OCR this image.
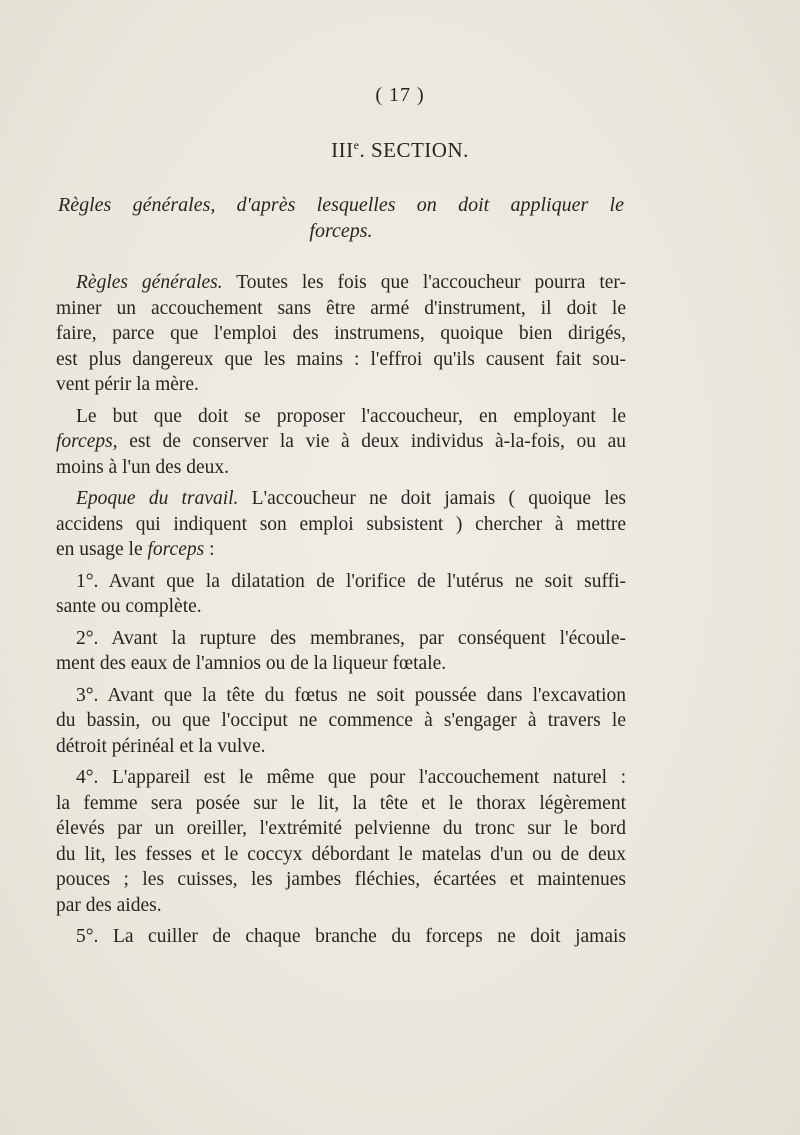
( 17 )
IIIe. SECTION.
Règles générales, d'après lesquelles on doit appliquer le
forceps.
Règles générales. Toutes les fois que l'accoucheur pourra ter-
miner un accouchement sans être armé d'instrument, il doit le
faire, parce que l'emploi des instrumens, quoique bien dirigés,
est plus dangereux que les mains : l'effroi qu'ils causent fait sou-
vent périr la mère.
Le but que doit se proposer l'accoucheur, en employant le
forceps, est de conserver la vie à deux individus à-la-fois, ou au
moins à l'un des deux.
Epoque du travail. L'accoucheur ne doit jamais ( quoique les
accidens qui indiquent son emploi subsistent ) chercher à mettre
en usage le forceps :
1°. Avant que la dilatation de l'orifice de l'utérus ne soit suffi-
sante ou complète.
2°. Avant la rupture des membranes, par conséquent l'écoule-
ment des eaux de l'amnios ou de la liqueur fœtale.
3°. Avant que la tête du fœtus ne soit poussée dans l'excavation
du bassin, ou que l'occiput ne commence à s'engager à travers le
détroit périnéal et la vulve.
4°. L'appareil est le même que pour l'accouchement naturel :
la femme sera posée sur le lit, la tête et le thorax légèrement
élevés par un oreiller, l'extrémité pelvienne du tronc sur le bord
du lit, les fesses et le coccyx débordant le matelas d'un ou de deux
pouces ; les cuisses, les jambes fléchies, écartées et maintenues
par des aides.
5°. La cuiller de chaque branche du forceps ne doit jamais
